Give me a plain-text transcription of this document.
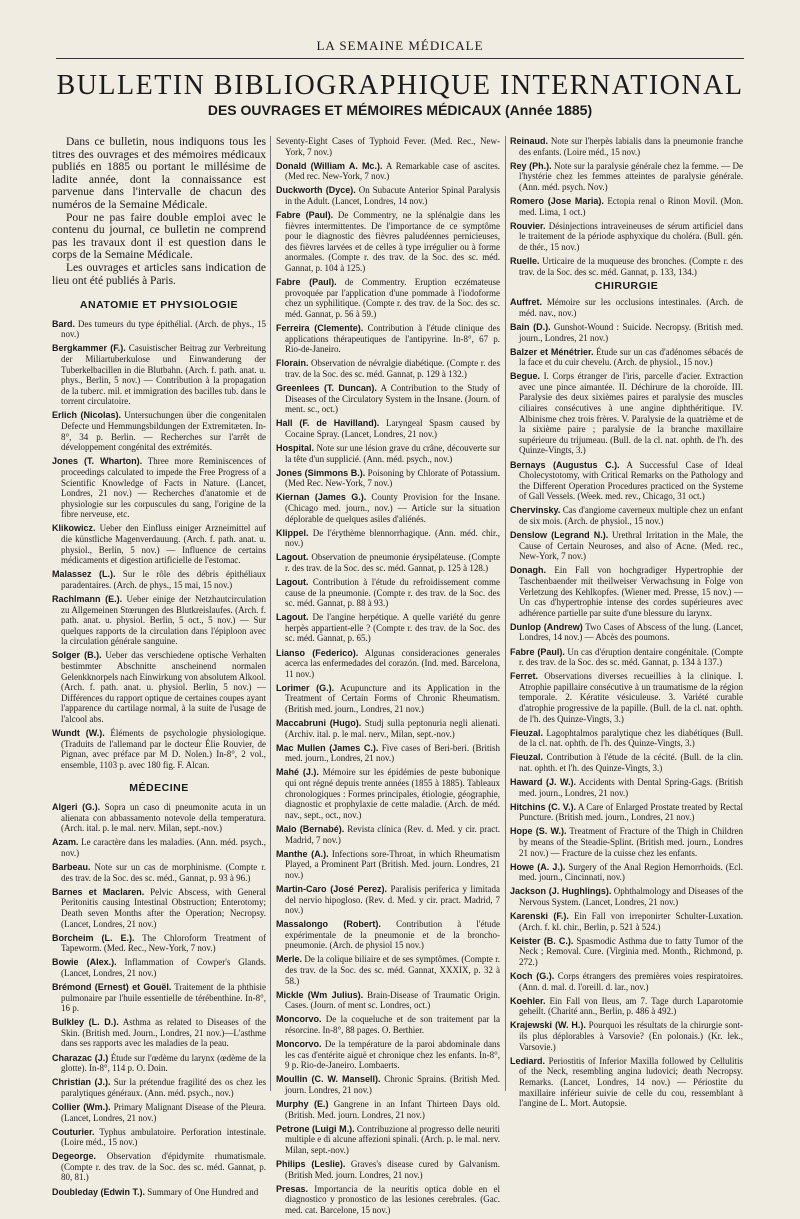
LA SEMAINE MÉDICALE
BULLETIN BIBLIOGRAPHIQUE INTERNATIONAL
DES OUVRAGES ET MÉMOIRES MÉDICAUX (Année 1885)

Dans ce bulletin, nous indiquons tous les titres des ouvrages et des mémoires médicaux publiés en 1885 ou portant le millésime de ladite année, dont la connaissance est parvenue dans l'intervalle de chacun des numéros de la Semaine Médicale.

Pour ne pas faire double emploi avec le contenu du journal, ce bulletin ne comprend pas les travaux dont il est question dans le corps de la Semaine Médicale.

Les ouvrages et articles sans indication de lieu ont été publiés à Paris.

ANATOMIE ET PHYSIOLOGIE

Bard. Des tumeurs du type épithélial. (Arch. de phys., 15 nov.)

Bergkammer (F.). Casuistischer Beitrag zur Verbreitung der Miliartuberkulose und Einwanderung der Tuberkelbacillen in die Blutbahn. (Arch. f. path. anat. u. phys., Berlin, 5 nov.) — Contribution à la propagation de la tuberc. mil. et immigration des bacilles tub. dans le torrent circulatoire.

Erlich (Nicolas). Untersuchungen über die congenitalen Defecte und Hemmungsbildungen der Extremitæten. In-8°, 34 p. Berlin. — Recherches sur l'arrêt de développement congénital des extrémités.

Jones (T. Wharton). Three more Reminiscences of proceedings calculated to impede the Free Progress of a Scientific Knowledge of Facts in Nature. (Lancet, Londres, 21 nov.) — Recherches d'anatomie et de physiologie sur les corpuscules du sang, l'origine de la fibre nerveuse, etc.

Klikowicz. Ueber den Einfluss einiger Arzneimittel auf die künstliche Magenverdauung. (Arch. f. path. anat. u. physiol., Berlin, 5 nov.) — Influence de certains médicaments et digestion artificielle de l'estomac.

Malassez (L.). Sur le rôle des débris épithéliaux paradentaires. (Arch. de phys., 15 mai, 15 nov.)

Rachlmann (E.). Ueber einige der Netzhautcirculation zu Allgemeinen Stœrungen des Blutkreislaufes. (Arch. f. path. anat. u. physiol. Berlin, 5 oct., 5 nov.) — Sur quelques rapports de la circulation dans l'épiploon avec la circulation générale sanguine.

Solger (B.). Ueber das verschiedene optische Verhalten bestimmter Abschnitte anscheinend normalen Gelenkknorpels nach Einwirkung von absolutem Alkool. (Arch. f. path. anat. u. physiol. Berlin, 5 nov.) —Différences du rapport optique de certaines coupes ayant l'apparence du cartilage normal, à la suite de l'usage de l'alcool abs.

Wundt (W.). Éléments de psychologie physiologique. (Traduits de l'allemand par le docteur Élie Rouvier, de Pignan, avec préface par M D. Nolen.) In-8°, 2 vol., ensemble, 1103 p. avec 180 fig. F. Alcan.

MÉDECINE

Algeri (G.). Sopra un caso di pneumonite acuta in un alienata con abbassamento notevole della temperatura. (Arch. ital. p. le mal. nerv. Milan, sept.-nov.)

Azam. Le caractère dans les maladies. (Ann. méd. psych., nov.)

Barbeau. Note sur un cas de morphinisme. (Compte r. des trav. de la Soc. des sc. méd., Gannat, p. 93 à 96.)

Barnes et Maclaren. Pelvic Abscess, with General Peritonitis causing Intestinal Obstruction; Enterotomy; Death seven Months after the Operation; Necropsy. (Lancet, Londres, 21 nov.)

Borcheim (L. E.). The Chloroform Treatment of Tapeworm. (Med. Rec., New-York, 7 nov.)

Bowie (Alex.). Inflammation of Cowper's Glands. (Lancet, Londres, 21 nov.)

Brémond (Ernest) et Gouël. Traitement de la phthisie pulmonaire par l'huile essentielle de térébenthine. In-8°, 16 p.

Bulkley (L. D.). Asthma as related to Diseases of the Skin. (British med. Journ., Londres, 21 nov.)—L'asthme dans ses rapports avec les maladies de la peau.

Charazac (J.) Étude sur l'œdème du larynx (œdème de la glotte). In-8°, 114 p. O. Doin.

Christian (J.). Sur la prétendue fragilité des os chez les paralytiques généraux. (Ann. méd. psych., nov.)

Collier (Wm.). Primary Malignant Disease of the Pleura. (Lancet, Londres, 21 nov.)

Couturier. Typhus ambulatoire. Perforation intestinale. (Loire méd., 15 nov.)

Degeorge. Observation d'épidymite rhumatismale. (Compte r. des trav. de la Soc. des sc. méd. Gannat, p. 80, 81.)

Doubleday (Edwin T.). Summary of One Hundred and

Seventy-Eight Cases of Typhoid Fever. (Med. Rec., New-York, 7 nov.)

Donald (William A. Mc.). A Remarkable case of ascites. (Med rec. New-York, 7 nov.)

Duckworth (Dyce). On Subacute Anterior Spinal Paralysis in the Adult. (Lancet, Londres, 14 nov.)

Fabre (Paul). De Commentry, ne la splénalgie dans les fièvres intermittentes. De l'importance de ce symptôme pour le diagnostic des fièvres paludéennes pernicieuses, des fièvres larvées et de celles à type irrégulier ou à forme anormales. (Compte r. des trav. de la Soc. des sc. méd. Gannat, p. 104 à 125.)

Fabre (Paul). de Commentry. Eruption eczémateuse provoquée par l'application d'une pommade à l'iodoforme chez un syphilitique. (Compte r. des trav. de la Soc. des sc. méd. Gannat, p. 56 à 59.)

Ferreira (Clemente). Contribution à l'étude clinique des applications thérapeutiques de l'antipyrine. In-8°, 67 p. Rio-de-Janeiro.

Florain. Observation de névralgie diabétique. (Compte r. des trav. de la Soc. des sc. méd. Gannat, p. 129 à 132.)

Greenlees (T. Duncan). A Contribution to the Study of Diseases of the Circulatory System in the Insane. (Journ. of ment. sc., oct.)

Hall (F. de Havilland). Laryngeal Spasm caused by Cocaine Spray. (Lancet, Londres, 21 nov.)

Hospital. Note sur une lésion grave du crâne, découverte sur la tête d'un supplicié. (Ann. méd. psych., nov.)

Jones (Simmons B.). Poisoning by Chlorate of Potassium. (Med Rec. New-York, 7 nov.)

Kiernan (James G.). County Provision for the Insane. (Chicago med. journ., nov.) — Article sur la situation déplorable de quelques asiles d'aliénés.

Klippel. De l'érythème blennorrhagique. (Ann. méd. chir., nov.)

Lagout. Observation de pneumonie érysipélateuse. (Compte r. des trav. de la Soc. des sc. méd. Gannat, p. 125 à 128.)

Lagout. Contribution à l'étude du refroidissement comme cause de la pneumonie. (Compte r. des trav. de la Soc. des sc. méd. Gannat, p. 88 à 93.)

Lagout. De l'angine herpétique. A quelle variété du genre herpès appartient-elle ? (Compte r. des trav. de la Soc. des sc. méd. Gannat, p. 65.)

Lianso (Federico). Algunas consideraciones generales acerca las enfermedades del corazón. (Ind. med. Barcelona, 11 nov.)

Lorimer (G.). Acupuncture and its Application in the Treatment of Certain Forms of Chronic Rheumatism. (British med. journ., Londres, 21 nov.)

Maccabruni (Hugo). Studj sulla peptonuria negli alienati. (Archiv. ital. p. le mal. nerv., Milan, sept.-nov.)

Mac Mullen (James C.). Five cases of Beri-beri. (British med. journ., Londres, 21 nov.)

Mahé (J.). Mémoire sur les épidémies de peste bubonique qui ont régné depuis trente années (1855 à 1885). Tableaux chronologiques : Formes principales, étiologie, géographie, diagnostic et prophylaxie de cette maladie. (Arch. de méd. nav., sept., oct., nov.)

Malo (Bernabé). Revista clínica (Rev. d. Med. y cir. pract. Madrid, 7 nov.)

Manthe (A.). Infections sore-Throat, in which Rheumatism Played, a Prominent Part (British. Med. journ. Londres, 21 nov.)

Martin-Caro (José Perez). Paralisis periferica y limitada del nervio hipogloso. (Rev. d. Med. y cir. pract. Madrid, 7 nov.)

Massalongo (Robert). Contribution à l'étude expérimentale de la pneumonie et de la broncho-pneumonie. (Arch. de physiol 15 nov.)

Merle. De la colique biliaire et de ses symptômes. (Compte r. des trav. de la Soc. des sc. méd. Gannat, XXXIX, p. 32 à 58.)

Mickle (Wm Julius). Brain-Disease of Traumatic Origin. Cases. (Journ. of ment sc. Londres, oct.)

Moncorvo. De la coqueluche et de son traitement par la résorcine. In-8°, 88 pages. O. Berthier.

Moncorvo. De la température de la paroi abdominale dans les cas d'entérite aiguë et chronique chez les enfants. In-8°, 9 p. Rio-de-Janeiro. Lombaerts.

Moullin (C. W. Mansell). Chronic Sprains. (British Med. journ. Londres, 21 nov.)

Murphy (E.) Gangrene in an Infant Thirteen Days old. (British. Med. journ. Londres, 21 nov.)

Petrone (Luigi M.). Contribuzione al progresso delle neuriti multiple e di alcune affezioni spinali. (Arch. p. le mal. nerv. Milan, sept.-nov.)

Philips (Leslie). Graves's disease cured by Galvanism. (British Med. journ. Londres, 21 nov.)

Presas. Importancia de la neuritis optica doble en el diagnostico y pronostico de las lesiones cerebrales. (Gac. med. cat. Barcelone, 15 nov.)

Reinaud. Note sur l'herpès labialis dans la pneumonie franche des enfants. (Loire méd., 15 nov.)

Rey (Ph.). Note sur la paralysie générale chez la femme. — De l'hystérie chez les femmes atteintes de paralysie générale. (Ann. méd. psych. Nov.)

Romero (Jose Maria). Ectopia renal o Rinon Movil. (Mon. med. Lima, 1 oct.)

Rouvier. Désinjections intraveineuses de sérum artificiel dans le traitement de la période asphyxique du choléra. (Bull. gén. de thér., 15 nov.)

Ruelle. Urticaire de la muqueuse des bronches. (Compte r. des trav. de la Soc. des sc. méd. Gannat, p. 133, 134.)

CHIRURGIE

Auffret. Mémoire sur les occlusions intestinales. (Arch. de méd. nav., nov.)

Bain (D.). Gunshot-Wound : Suicide. Necropsy. (British med. journ., Londres, 21 nov.)

Balzer et Ménétrier. Étude sur un cas d'adénomes sébacés de la face et du cuir chevelu. (Arch. de physiol., 15 nov.)

Begue. I. Corps étranger de l'iris, parcelle d'acier. Extraction avec une pince aimantée. II. Déchirure de la choroïde. III. Paralysie des deux sixièmes paires et paralysie des muscles ciliaires consécutives à une angine diphthéritique. IV. Albinisme chez trois frères. V. Paralysie de la quatrième et de la sixième paire ; paralysie de la branche maxillaire supérieure du trijumeau. (Bull. de la cl. nat. ophth. de l'h. des Quinze-Vingts, 3.)

Bernays (Augustus C.). A Successful Case of Ideal Cholecystotomy, with Critical Remarks on the Pathology and the Different Operation Procedures practiced on the Systeme of Gall Vessels. (Week. med. rev., Chicago, 31 oct.)

Chervinsky. Cas d'angiome caverneux multiple chez un enfant de six mois. (Arch. de physiol., 15 nov.)

Denslow (Legrand N.). Urethral Irritation in the Male, the Cause of Certain Neuroses, and also of Acne. (Med. rec., New-York, 7 nov.)

Donagh. Ein Fall von hochgradiger Hypertrophie der Taschenbaender mit theilweiser Verwachsung in Folge von Verletzung des Kehlkopfes. (Wiener med. Presse, 15 nov.) — Un cas d'hypertrophie intense des cordes supérieures avec adhérence partielle par suite d'une blessure du larynx.

Dunlop (Andrew) Two Cases of Abscess of the lung. (Lancet, Londres, 14 nov.) — Abcès des poumons.

Fabre (Paul). Un cas d'éruption dentaire congénitale. (Compte r. des trav. de la Soc. des sc. méd. Gannat, p. 134 à 137.)

Ferret. Observations diverses recueillies à la clinique. I. Atrophie papillaire consécutive à un traumatisme de la région temporale. 2. Kératite vésiculeuse. 3. Variété curable d'atrophie progressive de la papille. (Bull. de la cl. nat. ophth. de l'h. des Quinze-Vingts, 3.)

Fieuzal. Lagophtalmos paralytique chez les diabétiques (Bull. de la cl. nat. ophth. de l'h. des Quinze-Vingts, 3.)

Fieuzal. Contribution à l'étude de la cécité. (Bull. de la clin. nat. ophth. et l'h. des Quinze-Vingts, 3.)

Haward (J. W.). Accidents with Dental Spring-Gags. (British med. journ., Londres, 21 nov.)

Hitchins (C. V.). A Care of Enlarged Prostate treated by Rectal Puncture. (British med. journ., Londres, 21 nov.)

Hope (S. W.). Treatment of Fracture of the Thigh in Children by means of the Steadie-Splint. (British med. journ., Londres 21 nov.) — Fracture de la cuisse chez les enfants.

Howe (A. J.). Surgery of the Anal Region Hemorrhoids. (Ecl. med. journ., Cincinnati, nov.)

Jackson (J. Hughlings). Ophthalmology and Diseases of the Nervous System. (Lancet, Londres, 21 nov.)

Karenski (F.). Ein Fall von irreponirter Schulter-Luxation. (Arch. f. kl. chir., Berlin, p. 521 à 524.)

Keister (B. C.). Spasmodic Asthma due to fatty Tumor of the Neck ; Removal. Cure. (Virginia med. Month., Richmond, p. 272.)

Koch (G.). Corps étrangers des premières voies respiratoires. (Ann. d. mal. d. l'oreill. d. lar., nov.)

Koehler. Ein Fall von Ileus, am 7. Tage durch Laparotomie geheilt. (Charité ann., Berlin, p. 486 à 492.)

Krajewski (W. H.). Pourquoi les résultats de la chirurgie sont-ils plus déplorables à Varsovie? (En polonais.) (Kr. lek., Varsovie.)

Lediard. Periostitis of Inferior Maxilla followed by Cellulitis of the Neck, resembling angina ludovici; death Necropsy. Remarks. (Lancet, Londres, 14 nov.) — Périostite du maxillaire inférieur suivie de celle du cou, ressemblant à l'angine de L. Mort. Autopsie.
